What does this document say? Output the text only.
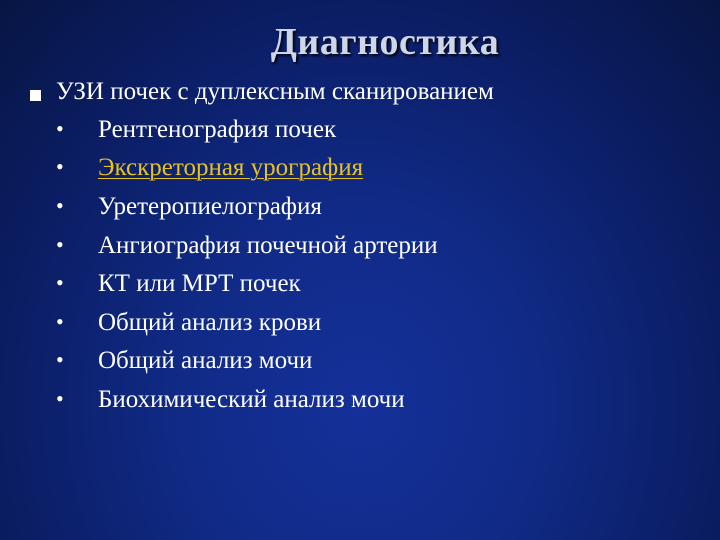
Диагностика
УЗИ почек с дуплексным сканированием
• Рентгенография почек
• Экскреторная урография
• Уретеропиелография
• Ангиография почечной артерии
• КТ или МРТ почек
• Общий анализ крови
• Общий анализ мочи
• Биохимический анализ мочи
